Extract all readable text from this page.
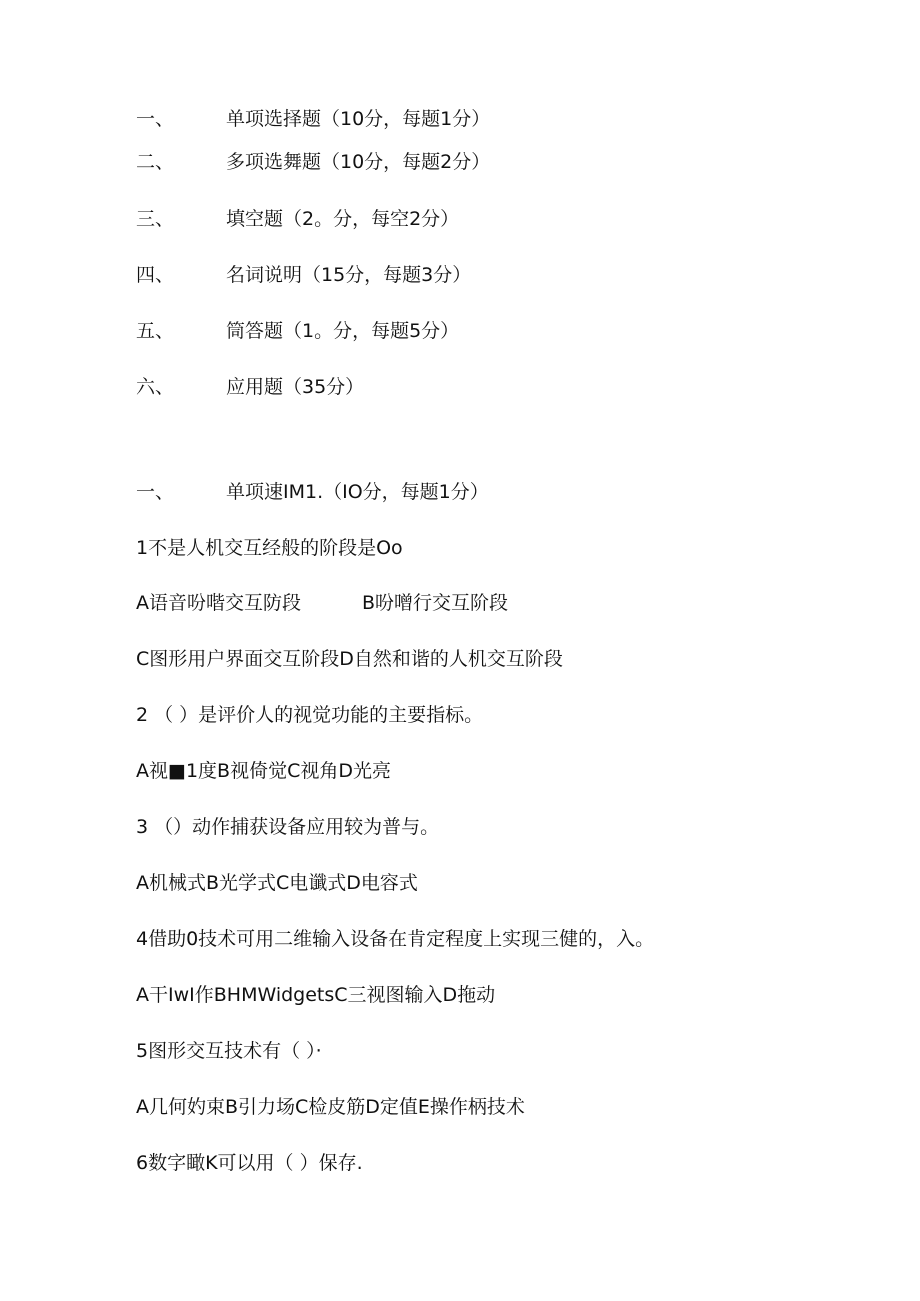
一、	单项选择题（10分，每题1分）
二、	多项选舞题（10分，每题2分）
三、	填空题（2。分，每空2分）
四、	名词说明（15分，每题3分）
五、	筒答题（1。分，每题5分）
六、	应用题（35分）
一、	单项速IM1.（IO分，每题1分）
1不是人机交互经般的阶段是Oo
A语音吩喈交互防段	B吩噌行交互阶段
C图形用户界面交互阶段D自然和谐的人机交互阶段
2 （ ）是评价人的视觉功能的主要指标。
A视■1度B视倚觉C视角D光亮
3 （）动作捕获设备应用较为普与。
A机械式B光学式C电谶式D电容式
4借助0技术可用二维输入设备在肯定程度上实现三健的，入。
A干IwI作BHMWidgetsC三视图输入D拖动
5图形交互技术有（ ）·
A几何妁束B引力场C检皮筋D定值E操作柄技术
6数字瞰K可以用（ ）保存.
